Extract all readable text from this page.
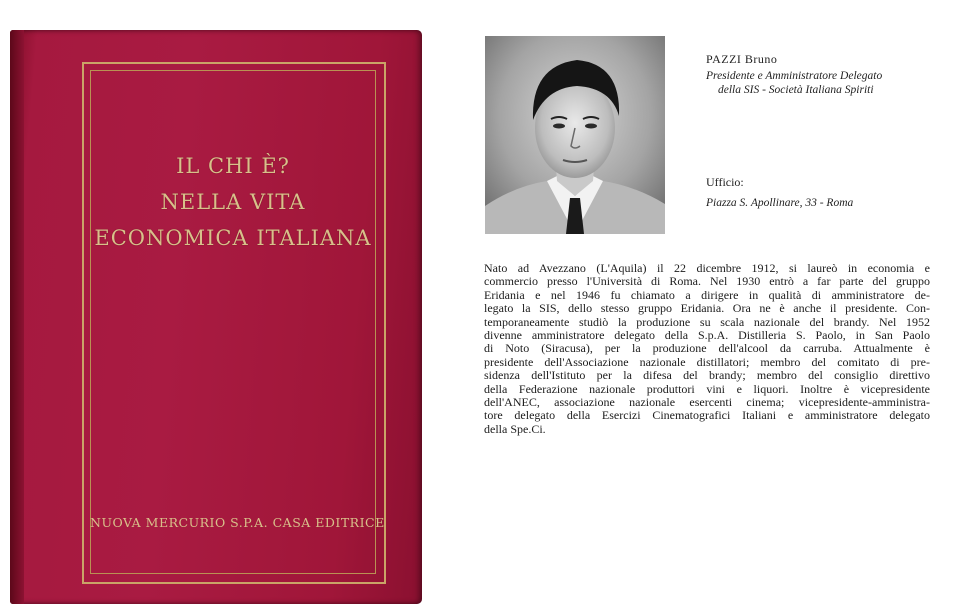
IL CHI È?
NELLA VITA
ECONOMICA ITALIANA
NUOVA MERCURIO S.P.A. CASA EDITRICE
PAZZI Bruno
Presidente e Amministratore Delegato
della SIS - Società Italiana Spiriti
Ufficio:
Piazza S. Apollinare, 33 - Roma
Nato ad Avezzano (L'Aquila) il 22 dicembre 1912, si laureò in economia e
commercio presso l'Università di Roma. Nel 1930 entrò a far parte del gruppo
Eridania e nel 1946 fu chiamato a dirigere in qualità di amministratore de-
legato la SIS, dello stesso gruppo Eridania. Ora ne è anche il presidente. Con-
temporaneamente studiò la produzione su scala nazionale del brandy. Nel 1952
divenne amministratore delegato della S.p.A. Distilleria S. Paolo, in San Paolo
di Noto (Siracusa), per la produzione dell'alcool da carruba. Attualmente è
presidente dell'Associazione nazionale distillatori; membro del comitato di pre-
sidenza dell'Istituto per la difesa del brandy; membro del consiglio direttivo
della Federazione nazionale produttori vini e liquori. Inoltre è vicepresidente
dell'ANEC, associazione nazionale esercenti cinema; vicepresidente-amministra-
tore delegato della Esercizi Cinematografici Italiani e amministratore delegato
della Spe.Ci.
